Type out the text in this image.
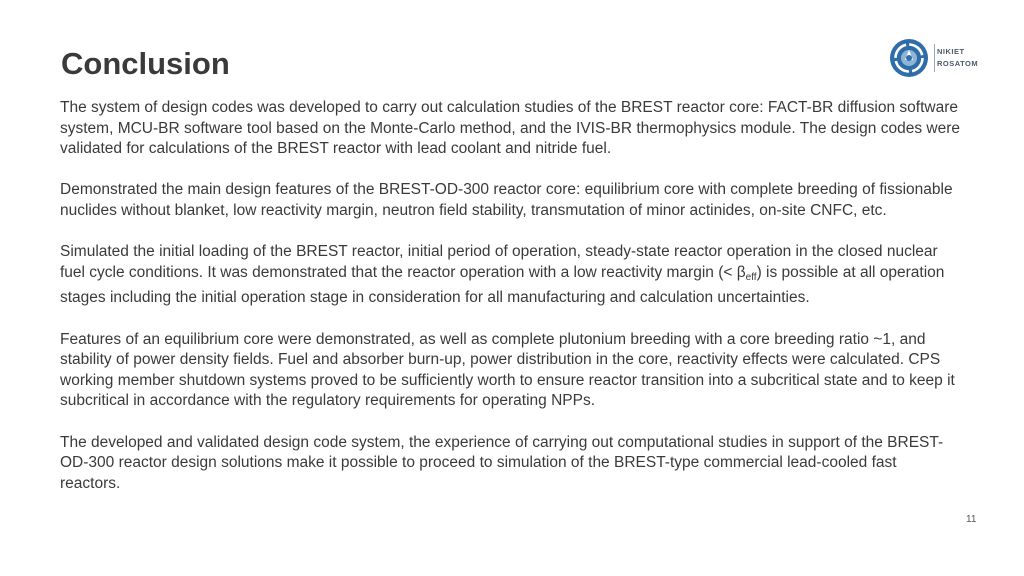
Conclusion	NIKIET
ROSATOM

The system of design codes was developed to carry out calculation studies of the BREST reactor core: FACT-BR diffusion software system, MCU-BR software tool based on the Monte-Carlo method, and the IVIS-BR thermophysics module. The design codes were validated for calculations of the BREST reactor with lead coolant and nitride fuel.

Demonstrated the main design features of the BREST-OD-300 reactor core: equilibrium core with complete breeding of fissionable nuclides without blanket, low reactivity margin, neutron field stability, transmutation of minor actinides, on-site CNFC, etc.

Simulated the initial loading of the BREST reactor, initial period of operation, steady-state reactor operation in the closed nuclear fuel cycle conditions. It was demonstrated that the reactor operation with a low reactivity margin (< $\beta_{eff}$) is possible at all operation stages including the initial operation stage in consideration for all manufacturing and calculation uncertainties.

Features of an equilibrium core were demonstrated, as well as complete plutonium breeding with a core breeding ratio ~1, and stability of power density fields. Fuel and absorber burn-up, power distribution in the core, reactivity effects were calculated. CPS working member shutdown systems proved to be sufficiently worth to ensure reactor transition into a subcritical state and to keep it subcritical in accordance with the regulatory requirements for operating NPPs.

The developed and validated design code system, the experience of carrying out computational studies in support of the BREST-OD-300 reactor design solutions make it possible to proceed to simulation of the BREST-type commercial lead-cooled fast reactors.

11
